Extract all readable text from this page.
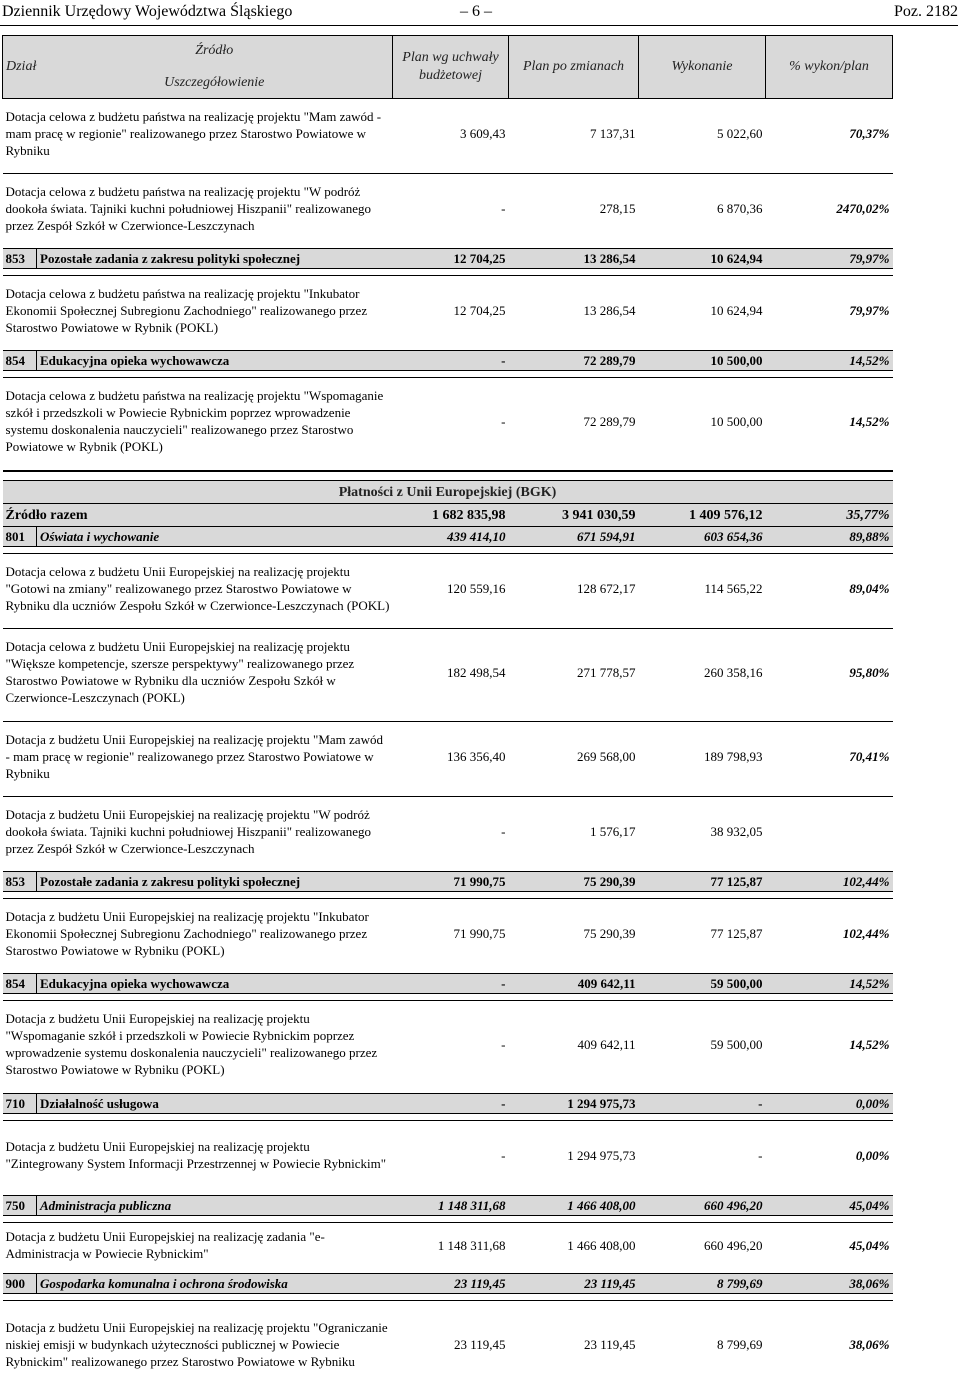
Dziennik Urzędowy Województwa Śląskiego	– 6 –	Poz. 2182
Dział	Źródło
Uszczegółowienie	Plan wg uchwały budżetowej	Plan po zmianach	Wykonanie	% wykon/plan
Dotacja celowa z budżetu państwa na realizację projektu "Mam zawód - mam pracę w regionie" realizowanego przez Starostwo Powiatowe w Rybniku		3 609,43	7 137,31	5 022,60	70,37%

Dotacja celowa z budżetu państwa na realizację projektu "W podróż dookoła świata. Tajniki kuchni południowej Hiszpanii" realizowanego przez Zespół Szkół w Czerwionce-Leszczynach		-	278,15	6 870,36	2470,02%

853	Pozostałe zadania z zakresu polityki społecznej	12 704,25	13 286,54	10 624,94	79,97%

Dotacja celowa z budżetu państwa na realizację projektu "Inkubator Ekonomii Społecznej Subregionu Zachodniego" realizowanego przez Starostwo Powiatowe w Rybnik (POKL)		12 704,25	13 286,54	10 624,94	79,97%

854	Edukacyjna opieka wychowawcza	-	72 289,79	10 500,00	14,52%

Dotacja celowa z budżetu państwa na realizację projektu "Wspomaganie szkół i przedszkoli w Powiecie Rybnickim poprzez wprowadzenie systemu doskonalenia nauczycieli" realizowanego przez Starostwo Powiatowe w Rybnik (POKL)		-	72 289,79	10 500,00	14,52%

Płatności z Unii Europejskiej (BGK)					
Źródło razem		1 682 835,98	3 941 030,59	1 409 576,12	35,77%
801	Oświata i wychowanie	439 414,10	671 594,91	603 654,36	89,88%

Dotacja celowa z budżetu Unii Europejskiej na realizację projektu "Gotowi na zmiany" realizowanego przez Starostwo Powiatowe w Rybniku dla uczniów Zespołu Szkół w Czerwionce-Leszczynach (POKL)		120 559,16	128 672,17	114 565,22	89,04%

Dotacja celowa z budżetu Unii Europejskiej na realizację projektu "Większe kompetencje, szersze perspektywy" realizowanego przez Starostwo Powiatowe w Rybniku dla uczniów Zespołu Szkół w Czerwionce-Leszczynach (POKL)		182 498,54	271 778,57	260 358,16	95,80%

Dotacja z budżetu Unii Europejskiej na realizację projektu "Mam zawód - mam pracę w regionie" realizowanego przez Starostwo Powiatowe w Rybniku		136 356,40	269 568,00	189 798,93	70,41%

Dotacja z budżetu Unii Europejskiej na realizację projektu "W podróż dookoła świata. Tajniki kuchni południowej Hiszpanii" realizowanego przez Zespół Szkół w Czerwionce-Leszczynach		-	1 576,17	38 932,05	

853	Pozostałe zadania z zakresu polityki społecznej	71 990,75	75 290,39	77 125,87	102,44%

Dotacja z budżetu Unii Europejskiej na realizację projektu "Inkubator Ekonomii Społecznej Subregionu Zachodniego" realizowanego przez Starostwo Powiatowe w Rybniku (POKL)		71 990,75	75 290,39	77 125,87	102,44%

854	Edukacyjna opieka wychowawcza	-	409 642,11	59 500,00	14,52%

Dotacja z budżetu Unii Europejskiej na realizację projektu "Wspomaganie szkół i przedszkoli w Powiecie Rybnickim poprzez wprowadzenie systemu doskonalenia nauczycieli" realizowanego przez Starostwo Powiatowe w Rybniku (POKL)		-	409 642,11	59 500,00	14,52%

710	Działalność usługowa	-	1 294 975,73	-	0,00%

Dotacja z budżetu Unii Europejskiej na realizację projektu "Zintegrowany System Informacji Przestrzennej w Powiecie Rybnickim"		-	1 294 975,73	-	0,00%

750	Administracja publiczna	1 148 311,68	1 466 408,00	660 496,20	45,04%

Dotacja z budżetu Unii Europejskiej na realizację zadania "e-Administracja w Powiecie Rybnickim"		1 148 311,68	1 466 408,00	660 496,20	45,04%

900	Gospodarka komunalna i ochrona środowiska	23 119,45	23 119,45	8 799,69	38,06%

Dotacja z budżetu Unii Europejskiej na realizację projektu "Ograniczanie niskiej emisji w budynkach użyteczności publicznej w Powiecie Rybnickim" realizowanego przez Starostwo Powiatowe w Rybniku		23 119,45	23 119,45	8 799,69	38,06%
